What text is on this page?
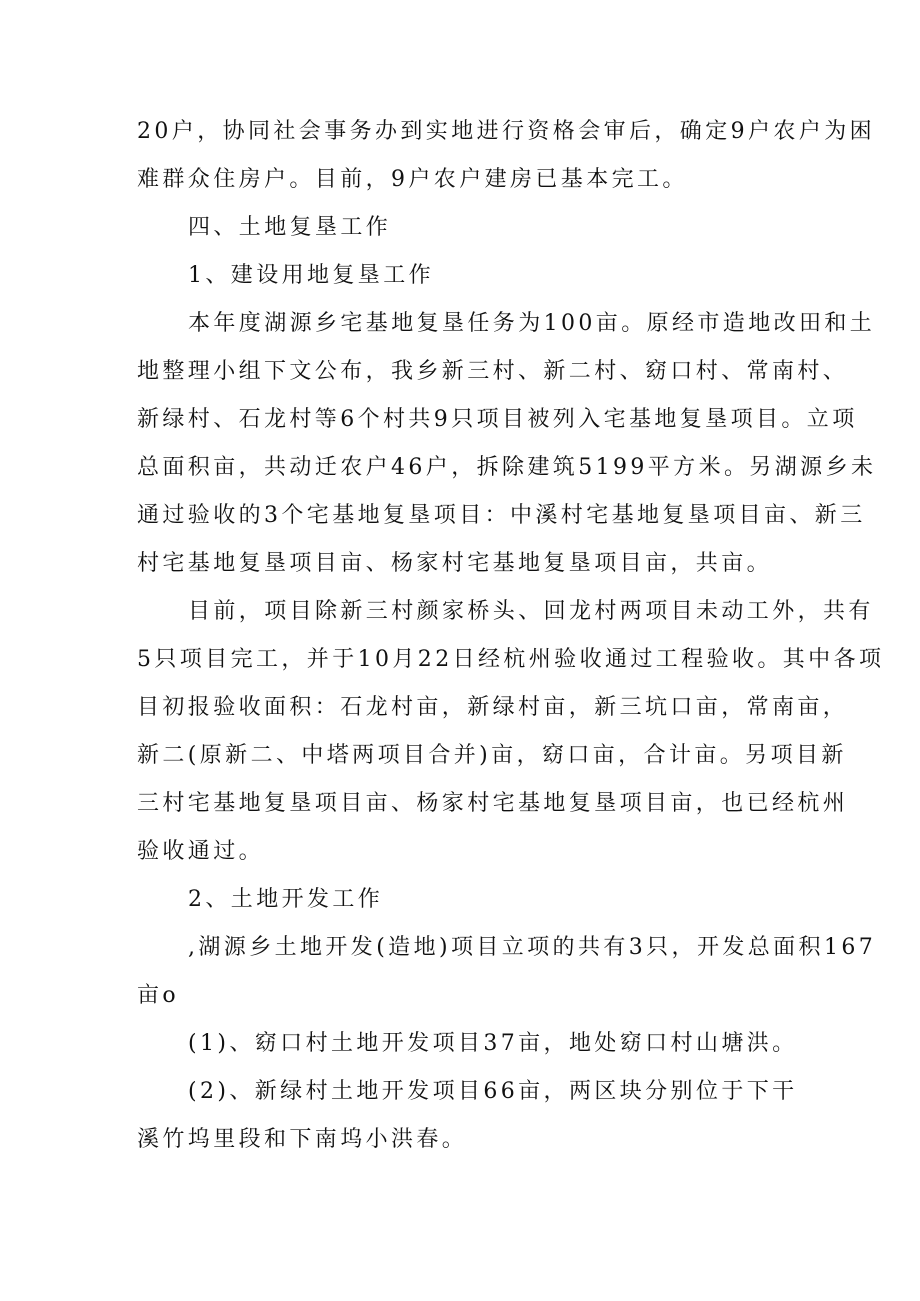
20户，协同社会事务办到实地进行资格会审后，确定9户农户为困
难群众住房户。目前，9户农户建房已基本完工。
四、土地复垦工作
1、建设用地复垦工作
本年度湖源乡宅基地复垦任务为100亩。原经市造地改田和土
地整理小组下文公布，我乡新三村、新二村、窈口村、常南村、
新绿村、石龙村等6个村共9只项目被列入宅基地复垦项目。立项
总面积亩，共动迁农户46户，拆除建筑5199平方米。另湖源乡未
通过验收的3个宅基地复垦项目：中溪村宅基地复垦项目亩、新三
村宅基地复垦项目亩、杨家村宅基地复垦项目亩，共亩。
目前，项目除新三村颜家桥头、回龙村两项目未动工外，共有
5只项目完工，并于10月22日经杭州验收通过工程验收。其中各项
目初报验收面积：石龙村亩，新绿村亩，新三坑口亩，常南亩，
新二(原新二、中塔两项目合并)亩，窈口亩，合计亩。另项目新
三村宅基地复垦项目亩、杨家村宅基地复垦项目亩，也已经杭州
验收通过。
2、土地开发工作
,湖源乡土地开发(造地)项目立项的共有3只，开发总面积167
亩o
(1)、窈口村土地开发项目37亩，地处窈口村山塘洪。
(2)、新绿村土地开发项目66亩，两区块分别位于下干
溪竹坞里段和下南坞小洪春。
